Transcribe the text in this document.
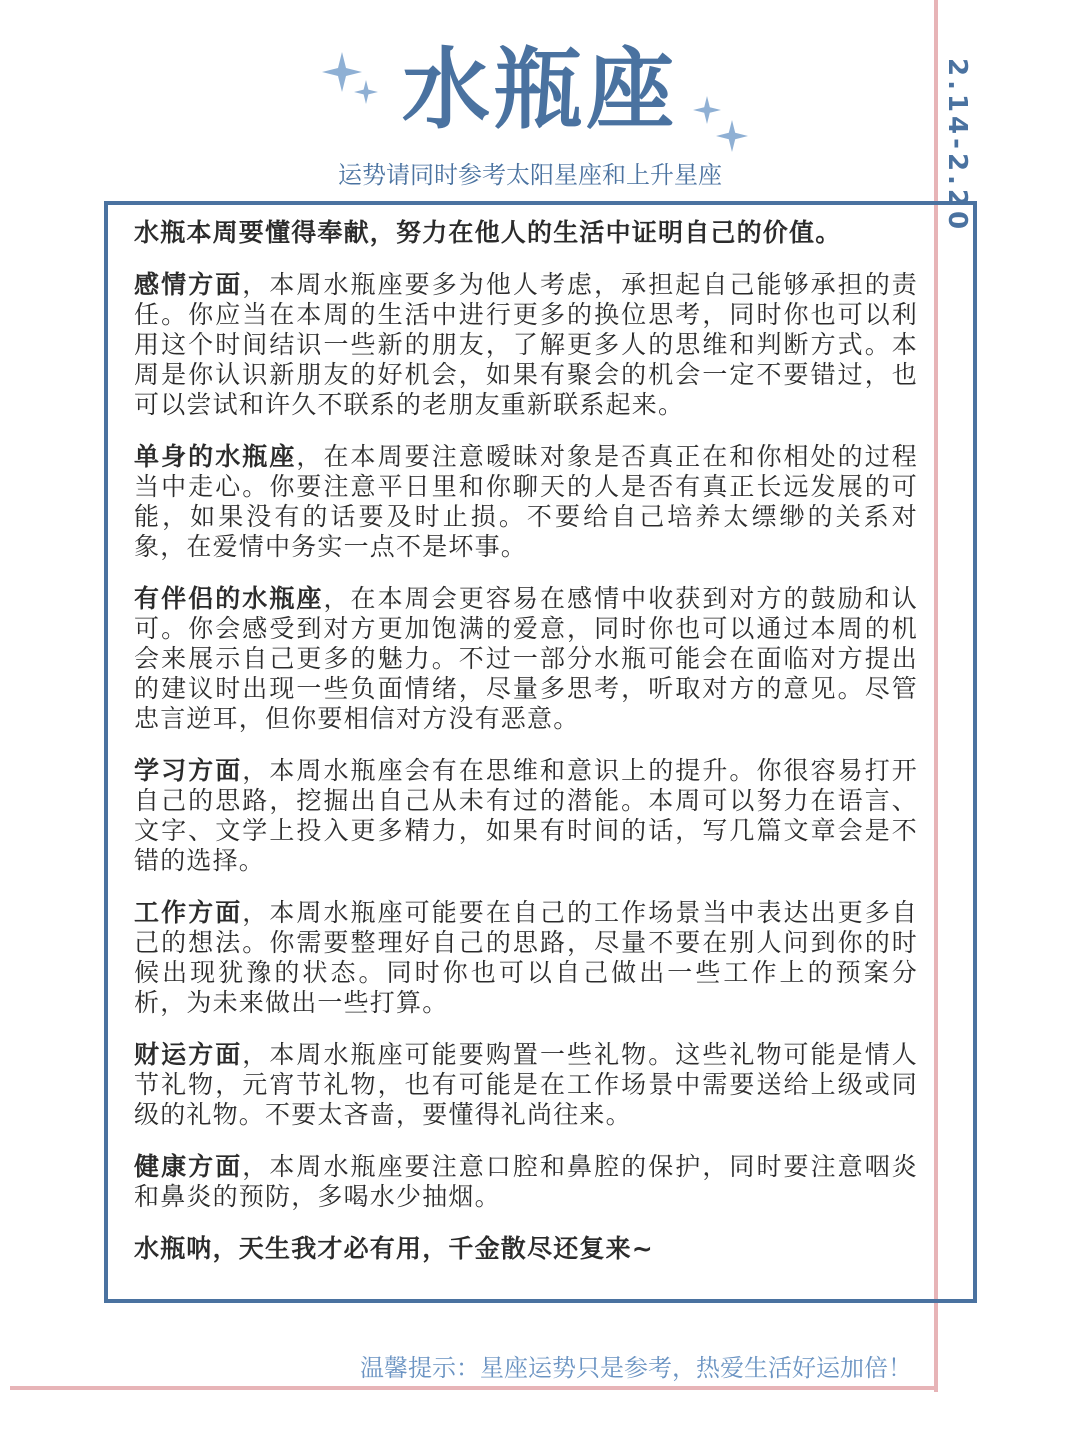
水瓶座
运势请同时参考太阳星座和上升星座	2.14-2.20

水瓶本周要懂得奉献，努力在他人的生活中证明自己的价值。

感情方面，本周水瓶座要多为他人考虑，承担起自己能够承担的责任。你应当在本周的生活中进行更多的换位思考，同时你也可以利用这个时间结识一些新的朋友，了解更多人的思维和判断方式。本周是你认识新朋友的好机会，如果有聚会的机会一定不要错过，也可以尝试和许久不联系的老朋友重新联系起来。

单身的水瓶座，在本周要注意暧昧对象是否真正在和你相处的过程当中走心。你要注意平日里和你聊天的人是否有真正长远发展的可能，如果没有的话要及时止损。不要给自己培养太缥缈的关系对象，在爱情中务实一点不是坏事。

有伴侣的水瓶座，在本周会更容易在感情中收获到对方的鼓励和认可。你会感受到对方更加饱满的爱意，同时你也可以通过本周的机会来展示自己更多的魅力。不过一部分水瓶可能会在面临对方提出的建议时出现一些负面情绪，尽量多思考，听取对方的意见。尽管忠言逆耳，但你要相信对方没有恶意。

学习方面，本周水瓶座会有在思维和意识上的提升。你很容易打开自己的思路，挖掘出自己从未有过的潜能。本周可以努力在语言、文字、文学上投入更多精力，如果有时间的话，写几篇文章会是不错的选择。

工作方面，本周水瓶座可能要在自己的工作场景当中表达出更多自己的想法。你需要整理好自己的思路，尽量不要在别人问到你的时候出现犹豫的状态。同时你也可以自己做出一些工作上的预案分析，为未来做出一些打算。

财运方面，本周水瓶座可能要购置一些礼物。这些礼物可能是情人节礼物，元宵节礼物，也有可能是在工作场景中需要送给上级或同级的礼物。不要太吝啬，要懂得礼尚往来。

健康方面，本周水瓶座要注意口腔和鼻腔的保护，同时要注意咽炎和鼻炎的预防，多喝水少抽烟。

水瓶呐，天生我才必有用，千金散尽还复来~

温馨提示：星座运势只是参考，热爱生活好运加倍！
